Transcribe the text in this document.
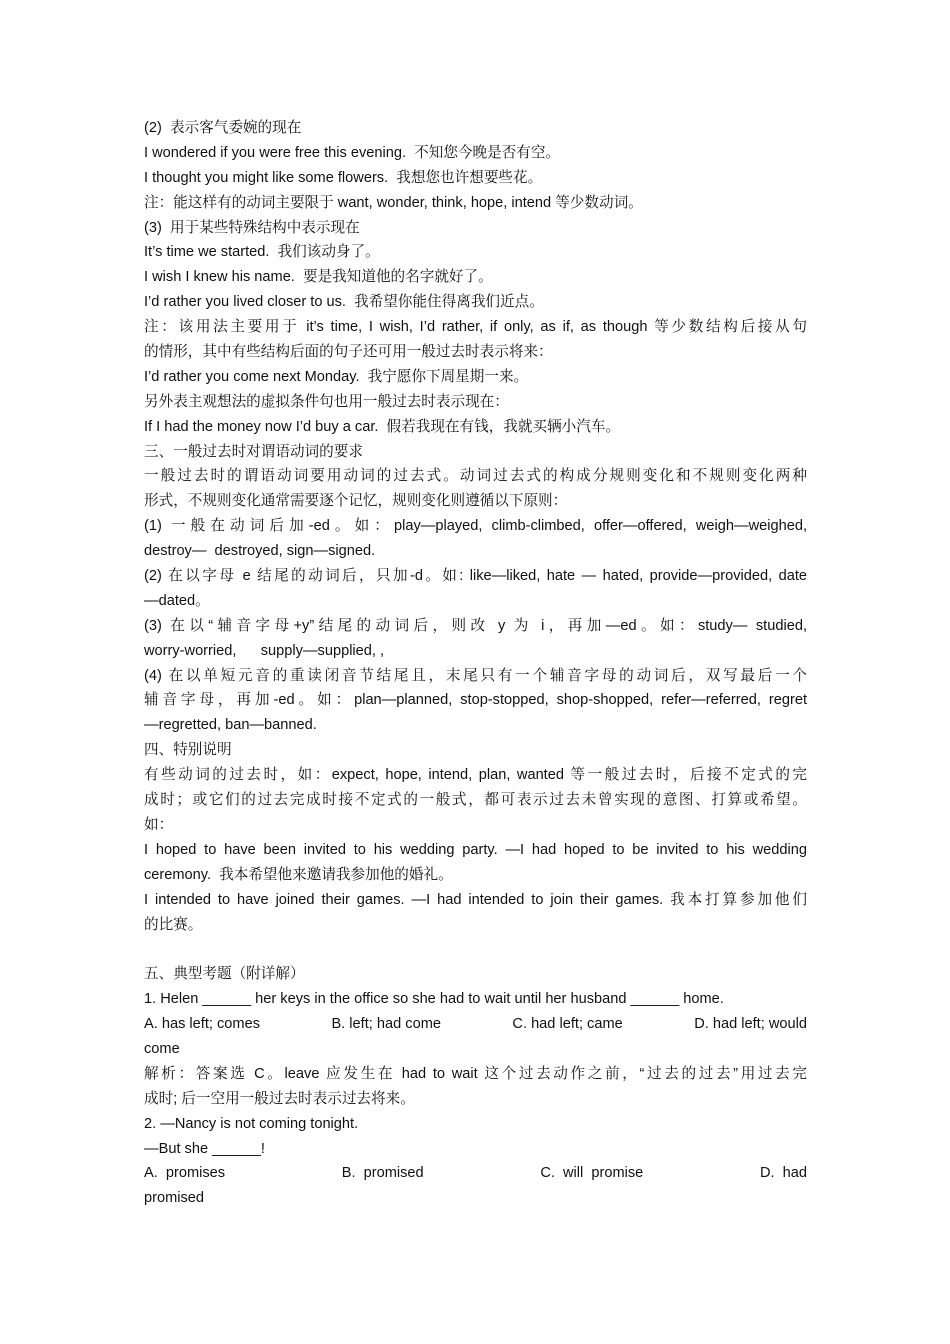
(2)  表示客气委婉的现在
I wondered if you were free this evening.  不知您今晚是否有空。
I thought you might like some flowers.  我想您也许想要些花。
注：能这样有的动词主要限于 want, wonder, think, hope, intend 等少数动词。
(3)  用于某些特殊结构中表示现在
It’s time we started.  我们该动身了。
I wish I knew his name.  要是我知道他的名字就好了。
I’d rather you lived closer to us.  我希望你能住得离我们近点。
注：该用法主要用于 it’s time, I wish, I’d rather, if only, as if, as though 等少数结构后接从句
的情形，其中有些结构后面的句子还可用一般过去时表示将来：
I’d rather you come next Monday.  我宁愿你下周星期一来。
另外表主观想法的虚拟条件句也用一般过去时表示现在：
If I had the money now I’d buy a car.  假若我现在有钱，我就买辆小汽车。
三、一般过去时对谓语动词的要求
一般过去时的谓语动词要用动词的过去式。动词过去式的构成分规则变化和不规则变化两种
形式，不规则变化通常需要逐个记忆，规则变化则遵循以下原则：
(1) 一般在动词后加-ed。如：play—played, climb-climbed, offer—offered, weigh—weighed,
destroy—  destroyed, sign—signed.
(2) 在以字母 e 结尾的动词后，只加-d。如: like—liked, hate — hated, provide—provided, date
—dated。
(3) 在以“辅音字母+y”结尾的动词后，则改 y 为 i，再加—ed。如：study— studied,
worry-worried,      supply—supplied, ,
(4) 在以单短元音的重读闭音节结尾且，末尾只有一个辅音字母的动词后，双写最后一个
辅音字母，再加-ed。如：plan—planned, stop-stopped, shop-shopped, refer—referred, regret
—regretted, ban—banned.
四、特别说明
有些动词的过去时，如：expect, hope, intend, plan, wanted 等一般过去时，后接不定式的完
成时；或它们的过去完成时接不定式的一般式，都可表示过去未曾实现的意图、打算或希望。
如：
I hoped to have been invited to his wedding party. —I had hoped to be invited to his wedding
ceremony.  我本希望他来邀请我参加他的婚礼。
I intended to have joined their games. —I had intended to join their games. 我本打算参加他们
的比赛。
五、典型考题（附详解）
1. Helen ______ her keys in the office so she had to wait until her husband ______ home.
A. has left; comes	B. left; had come	C. had left; came	D. had left; would
come
解析：答案选 C。leave 应发生在 had to wait 这个过去动作之前，“过去的过去”用过去完
成时; 后一空用一般过去时表示过去将来。
2. —Nancy is not coming tonight.
—But she ______!
A.  promises	B.  promised	C.  will  promise	D.  had
promised
